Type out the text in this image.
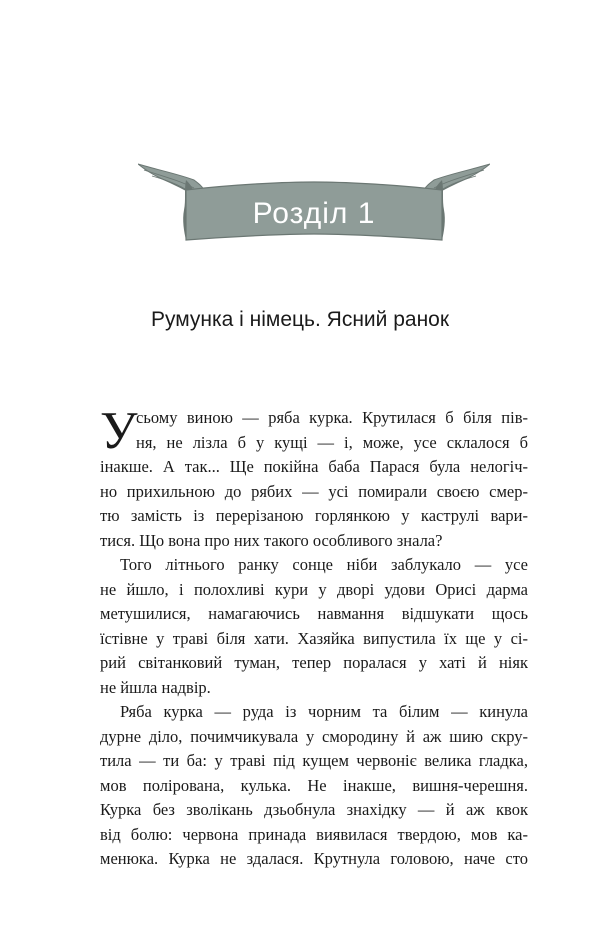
Розділ 1
Румунка і німець. Ясний ранок
У
сьому виною — ряба курка. Крутилася б біля пів-
ня, не лізла б у кущі — і, може, усе склалося б
інакше. А так... Ще покійна баба Парася була нелогіч-
но прихильною до рябих — усі помирали своєю смер-
тю замість із перерізаною горлянкою у каструлі вари-
тися. Що вона про них такого особливого знала?
Того літнього ранку сонце ніби заблукало — усе
не йшло, і полохливі кури у дворі удови Орисі дарма
метушилися, намагаючись навмання відшукати щось
їстівне у траві біля хати. Хазяйка випустила їх ще у сі-
рий світанковий туман, тепер поралася у хаті й ніяк
не йшла надвір.
Ряба курка — руда із чорним та білим — кинула
дурне діло, почимчикувала у смородину й аж шию скру-
тила — ти ба: у траві під кущем червоніє велика гладка,
мов полірована, кулька. Не інакше, вишня-черешня.
Курка без зволікань дзьобнула знахідку — й аж квок
від болю: червона принада виявилася твердою, мов ка-
менюка. Курка не здалася. Крутнула головою, наче сто
